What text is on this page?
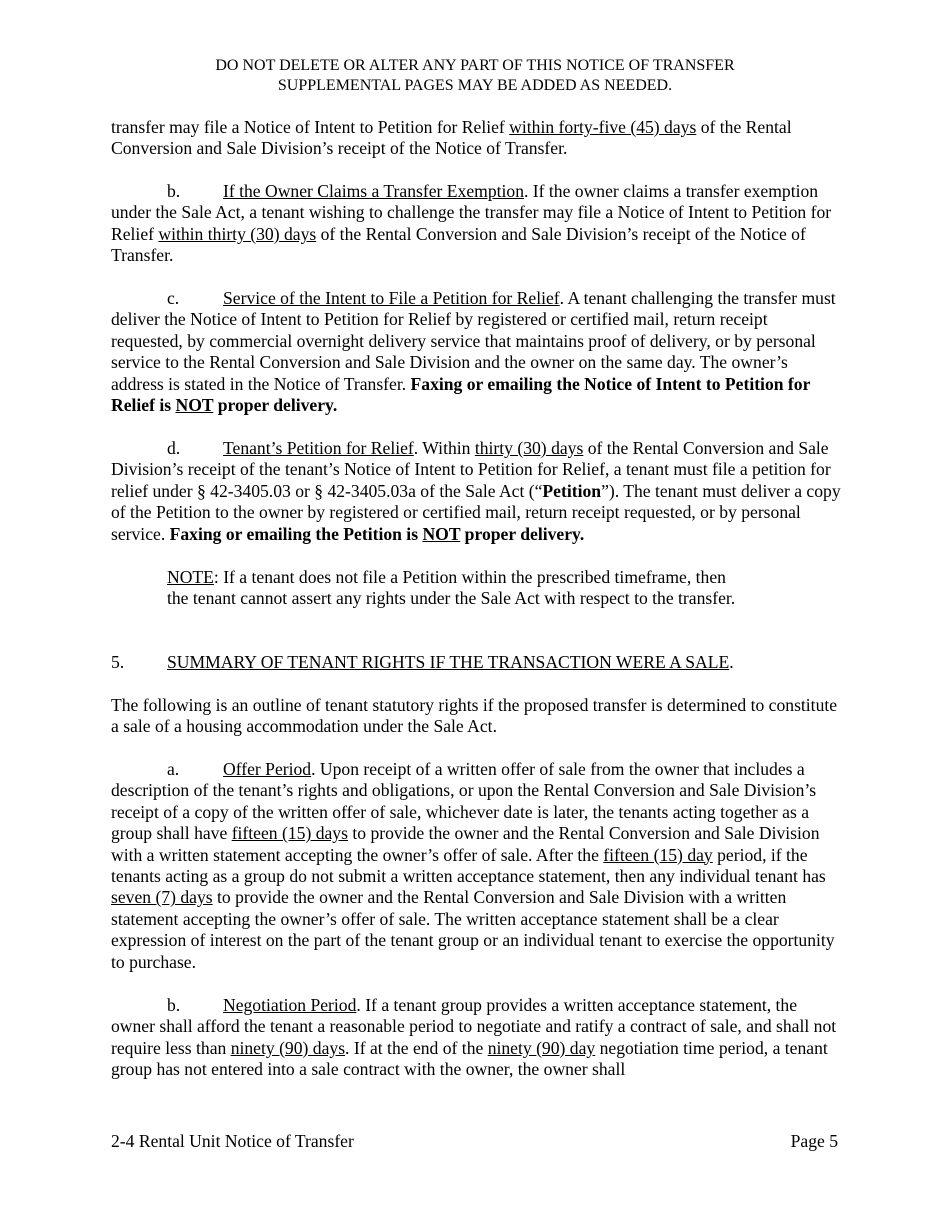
DO NOT DELETE OR ALTER ANY PART OF THIS NOTICE OF TRANSFER
SUPPLEMENTAL PAGES MAY BE ADDED AS NEEDED.

transfer may file a Notice of Intent to Petition for Relief within forty-five (45) days of the Rental Conversion and Sale Division’s receipt of the Notice of Transfer.

b. If the Owner Claims a Transfer Exemption. If the owner claims a transfer exemption under the Sale Act, a tenant wishing to challenge the transfer may file a Notice of Intent to Petition for Relief within thirty (30) days of the Rental Conversion and Sale Division’s receipt of the Notice of Transfer.

c. Service of the Intent to File a Petition for Relief. A tenant challenging the transfer must deliver the Notice of Intent to Petition for Relief by registered or certified mail, return receipt requested, by commercial overnight delivery service that maintains proof of delivery, or by personal service to the Rental Conversion and Sale Division and the owner on the same day. The owner’s address is stated in the Notice of Transfer. Faxing or emailing the Notice of Intent to Petition for Relief is NOT proper delivery.

d. Tenant’s Petition for Relief. Within thirty (30) days of the Rental Conversion and Sale Division’s receipt of the tenant’s Notice of Intent to Petition for Relief, a tenant must file a petition for relief under § 42-3405.03 or § 42-3405.03a of the Sale Act (“Petition”). The tenant must deliver a copy of the Petition to the owner by registered or certified mail, return receipt requested, or by personal service. Faxing or emailing the Petition is NOT proper delivery.

NOTE: If a tenant does not file a Petition within the prescribed timeframe, then the tenant cannot assert any rights under the Sale Act with respect to the transfer.

5. SUMMARY OF TENANT RIGHTS IF THE TRANSACTION WERE A SALE.

The following is an outline of tenant statutory rights if the proposed transfer is determined to constitute a sale of a housing accommodation under the Sale Act.

a. Offer Period. Upon receipt of a written offer of sale from the owner that includes a description of the tenant’s rights and obligations, or upon the Rental Conversion and Sale Division’s receipt of a copy of the written offer of sale, whichever date is later, the tenants acting together as a group shall have fifteen (15) days to provide the owner and the Rental Conversion and Sale Division with a written statement accepting the owner’s offer of sale. After the fifteen (15) day period, if the tenants acting as a group do not submit a written acceptance statement, then any individual tenant has seven (7) days to provide the owner and the Rental Conversion and Sale Division with a written statement accepting the owner’s offer of sale. The written acceptance statement shall be a clear expression of interest on the part of the tenant group or an individual tenant to exercise the opportunity to purchase.

b. Negotiation Period. If a tenant group provides a written acceptance statement, the owner shall afford the tenant a reasonable period to negotiate and ratify a contract of sale, and shall not require less than ninety (90) days. If at the end of the ninety (90) day negotiation time period, a tenant group has not entered into a sale contract with the owner, the owner shall

2-4 Rental Unit Notice of Transfer	Page 5
